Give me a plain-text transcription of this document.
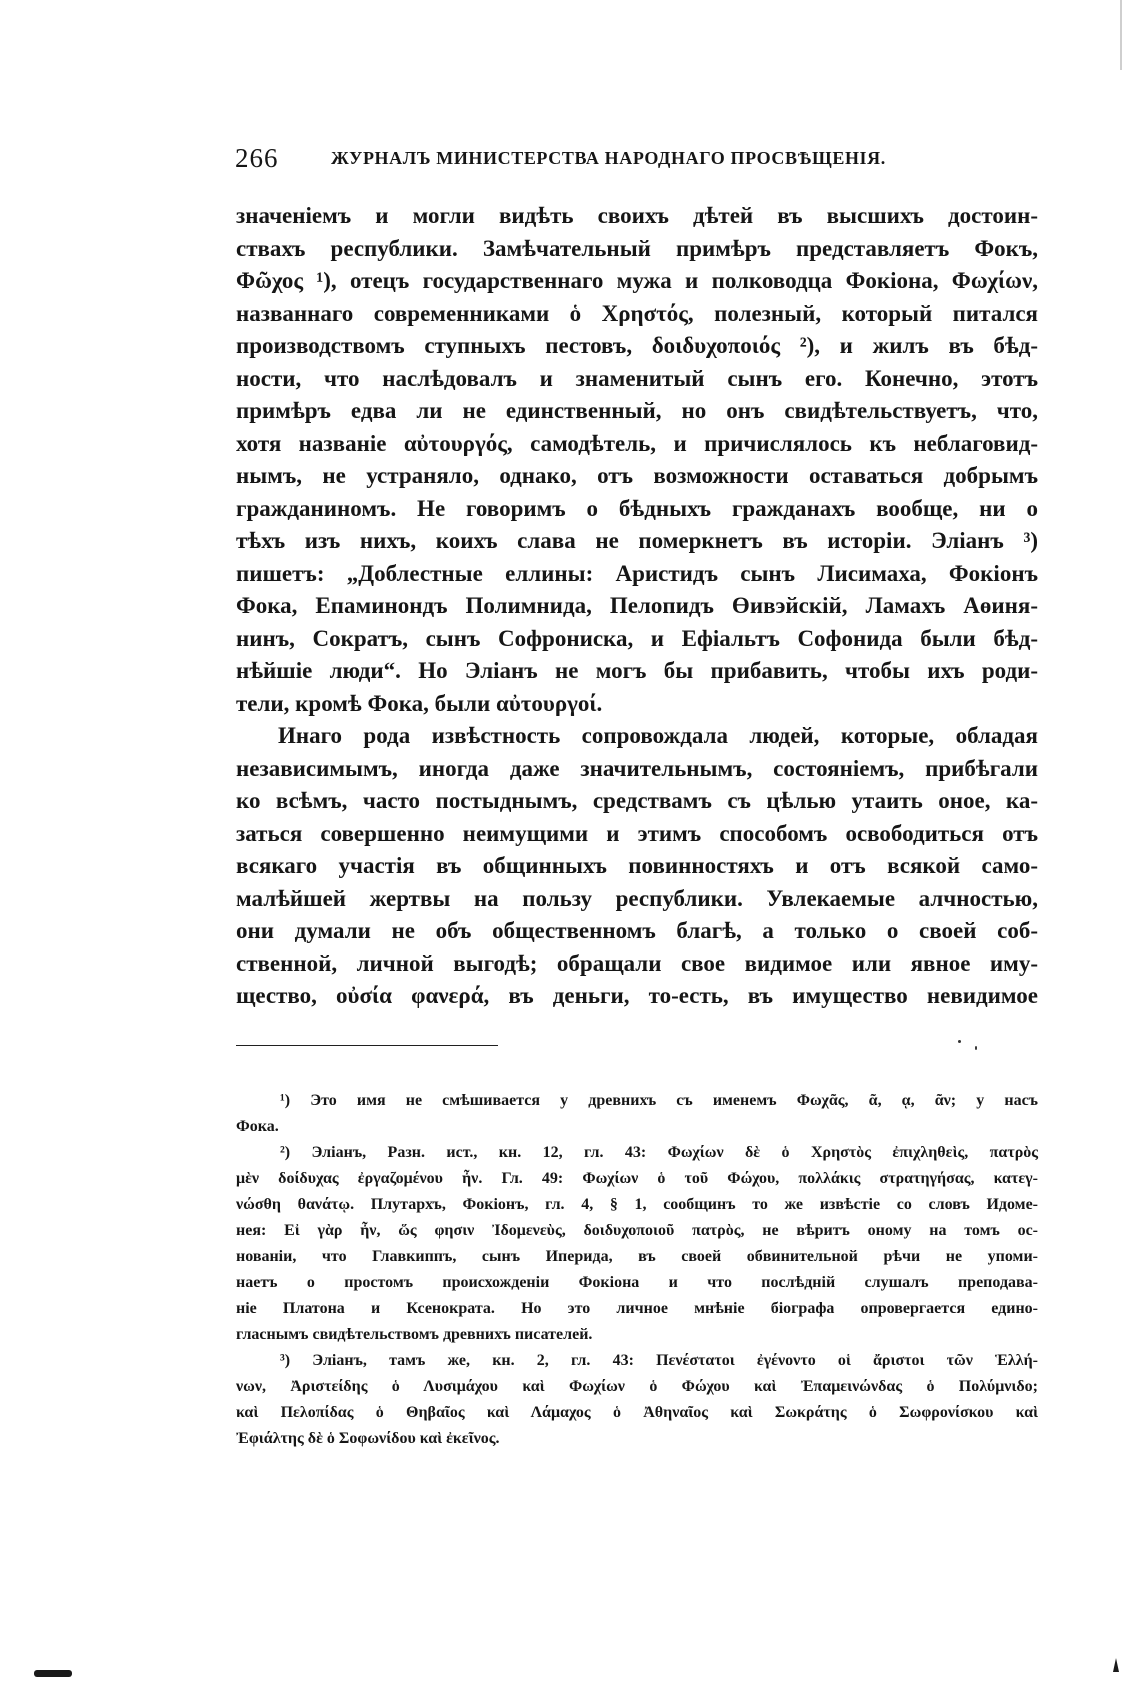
266	ЖУРНАЛЪ МИНИСТЕРСТВА НАРОДНАГО ПРОСВѢЩЕНІЯ.
значеніемъ и могли видѣть своихъ дѣтей въ высшихъ достоин-
ствахъ республики. Замѣчательный примѣръ представляетъ Фокъ,
Φῶχος ¹), отецъ государственнаго мужа и полководца Фокіона, Φωχίων,
названнаго современниками ὁ Χρηστός, полезный, который питался
производствомъ ступныхъ пестовъ, δοιδυχοποιός ²), и жилъ въ бѣд-
ности, что наслѣдовалъ и знаменитый сынъ его. Конечно, этотъ
примѣръ едва ли не единственный, но онъ свидѣтельствуетъ, что,
хотя названіе αὐτουργός, самодѣтель, и причислялось къ неблаговид-
нымъ, не устраняло, однако, отъ возможности оставаться добрымъ
гражданиномъ. Не говоримъ о бѣдныхъ гражданахъ вообще, ни о
тѣхъ изъ нихъ, коихъ слава не померкнетъ въ исторіи. Эліанъ ³)
пишетъ: „Доблестные еллины: Аристидъ сынъ Лисимаха, Фокіонъ
Фока, Епаминондъ Полимнида, Пелопидъ Өивэйскій, Ламахъ Аөиня-
нинъ, Сократъ, сынъ Софрониска, и Ефіальтъ Софонида были бѣд-
нѣйшіе люди“. Но Эліанъ не могъ бы прибавить, чтобы ихъ роди-
тели, кромѣ Фока, были αὐτουργοί.
Инаго рода извѣстность сопровождала людей, которые, обладая
независимымъ, иногда даже значительнымъ, состояніемъ, прибѣгали
ко всѣмъ, часто постыднымъ, средствамъ съ цѣлью утаить оное, ка-
заться совершенно неимущими и этимъ способомъ освободиться отъ
всякаго участія въ общинныхъ повинностяхъ и отъ всякой само-
малѣйшей жертвы на пользу республики. Увлекаемые алчностью,
они думали не объ общественномъ благѣ, а только о своей соб-
ственной, личной выгодѣ; обращали свое видимое или явное иму-
щество, οὐσία φανερά, въ деньги, то-есть, въ имущество невидимое
¹) Это имя не смѣшивается у древнихъ съ именемъ Φωχᾶς, ᾶ, ᾳ, ᾶν; у насъ
Фока.
²) Эліанъ, Разн. ист., кн. 12, гл. 43: Φωχίων δὲ ὁ Χρηστὸς ἐπιχληθεὶς, πατρὸς
μὲν δοίδυχας ἐργαζομένου ἦν. Гл. 49: Φωχίων ὁ τοῦ Φώχου, πολλάκις στρατηγήσας, κατεγ-
νώσθη θανάτῳ. Плутархъ, Фокіонъ, гл. 4, § 1, сообщинъ то же извѣстіе со словъ Идоме-
нея: Εἰ γὰρ ἦν, ὥς φησιν Ἰδομενεὺς, δοιδυχοποιοῦ πατρὸς, не вѣритъ оному на томъ ос-
нованіи, что Главкиппъ, сынъ Иперида, въ своей обвинительной рѣчи не упоми-
наетъ о простомъ происхожденіи Фокіона и что послѣдній слушалъ преподава-
ніе Платона и Ксенократа. Но это личное мнѣніе біографа опровергается едино-
гласнымъ свидѣтельствомъ древнихъ писателей.
³) Эліанъ, тамъ же, кн. 2, гл. 43: Πενέστατοι ἐγένοντο οἱ ἄριστοι τῶν Ἑλλή-
νων, Ἀριστείδης ὁ Λυσιμάχου καὶ Φωχίων ὁ Φώχου καὶ Ἐπαμεινώνδας ὁ Πολύμνιδο;
καὶ Πελοπίδας ὁ Θηβαῖος καὶ Λάμαχος ὁ Ἀθηναῖος καὶ Σωκράτης ὁ Σωφρονίσκου καὶ
Ἐφιάλτης δὲ ὁ Σοφωνίδου καὶ ἐκεῖνος.
